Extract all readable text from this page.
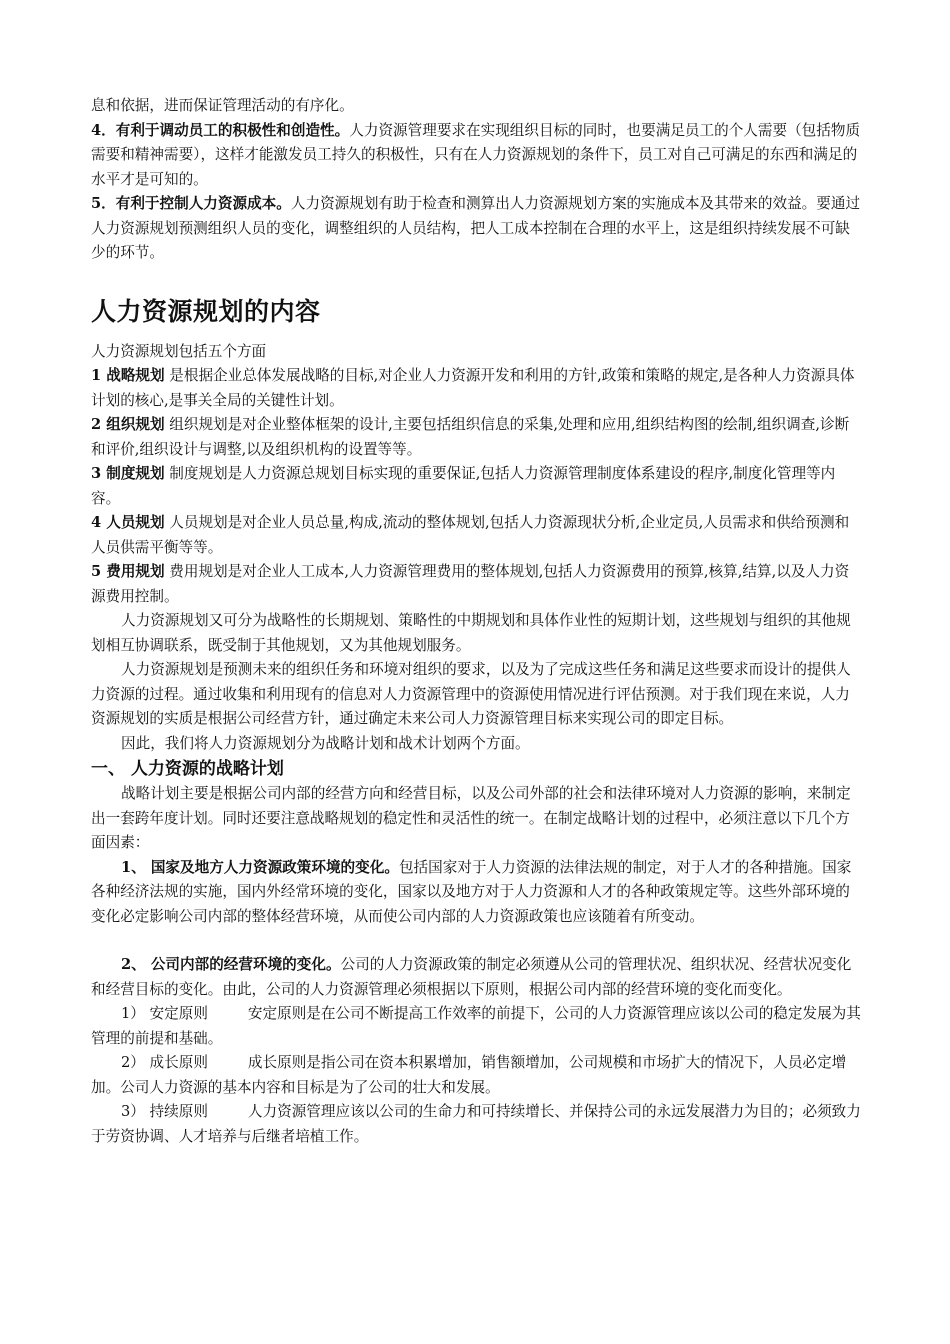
息和依据，进而保证管理活动的有序化。

4．有利于调动员工的积极性和创造性。人力资源管理要求在实现组织目标的同时，也要满足员工的个人需要（包括物质需要和精神需要），这样才能激发员工持久的积极性，只有在人力资源规划的条件下，员工对自己可满足的东西和满足的水平才是可知的。

5．有利于控制人力资源成本。人力资源规划有助于检查和测算出人力资源规划方案的实施成本及其带来的效益。要通过人力资源规划预测组织人员的变化，调整组织的人员结构，把人工成本控制在合理的水平上，这是组织持续发展不可缺少的环节。

人力资源规划的内容

人力资源规划包括五个方面

1 战略规划 是根据企业总体发展战略的目标,对企业人力资源开发和利用的方针,政策和策略的规定,是各种人力资源具体计划的核心,是事关全局的关键性计划。

2 组织规划 组织规划是对企业整体框架的设计,主要包括组织信息的采集,处理和应用,组织结构图的绘制,组织调查,诊断和评价,组织设计与调整,以及组织机构的设置等等。

3 制度规划 制度规划是人力资源总规划目标实现的重要保证,包括人力资源管理制度体系建设的程序,制度化管理等内容。

4 人员规划 人员规划是对企业人员总量,构成,流动的整体规划,包括人力资源现状分析,企业定员,人员需求和供给预测和人员供需平衡等等。

5 费用规划 费用规划是对企业人工成本,人力资源管理费用的整体规划,包括人力资源费用的预算,核算,结算,以及人力资源费用控制。

人力资源规划又可分为战略性的长期规划、策略性的中期规划和具体作业性的短期计划，这些规划与组织的其他规划相互协调联系，既受制于其他规划，又为其他规划服务。

人力资源规划是预测未来的组织任务和环境对组织的要求，以及为了完成这些任务和满足这些要求而设计的提供人力资源的过程。通过收集和利用现有的信息对人力资源管理中的资源使用情况进行评估预测。对于我们现在来说，人力资源规划的实质是根据公司经营方针，通过确定未来公司人力资源管理目标来实现公司的即定目标。

因此，我们将人力资源规划分为战略计划和战术计划两个方面。

一、 人力资源的战略计划

战略计划主要是根据公司内部的经营方向和经营目标，以及公司外部的社会和法律环境对人力资源的影响，来制定出一套跨年度计划。同时还要注意战略规划的稳定性和灵活性的统一。在制定战略计划的过程中，必须注意以下几个方面因素：

1、 国家及地方人力资源政策环境的变化。包括国家对于人力资源的法律法规的制定，对于人才的各种措施。国家各种经济法规的实施，国内外经常环境的变化，国家以及地方对于人力资源和人才的各种政策规定等。这些外部环境的变化必定影响公司内部的整体经营环境，从而使公司内部的人力资源政策也应该随着有所变动。

2、 公司内部的经营环境的变化。公司的人力资源政策的制定必须遵从公司的管理状况、组织状况、经营状况变化和经营目标的变化。由此，公司的人力资源管理必须根据以下原则，根据公司内部的经营环境的变化而变化。

1） 安定原则	安定原则是在公司不断提高工作效率的前提下，公司的人力资源管理应该以公司的稳定发展为其管理的前提和基础。

2） 成长原则	成长原则是指公司在资本积累增加，销售额增加，公司规模和市场扩大的情况下，人员必定增加。公司人力资源的基本内容和目标是为了公司的壮大和发展。

3） 持续原则	人力资源管理应该以公司的生命力和可持续增长、并保持公司的永远发展潜力为目的；必须致力于劳资协调、人才培养与后继者培植工作。
